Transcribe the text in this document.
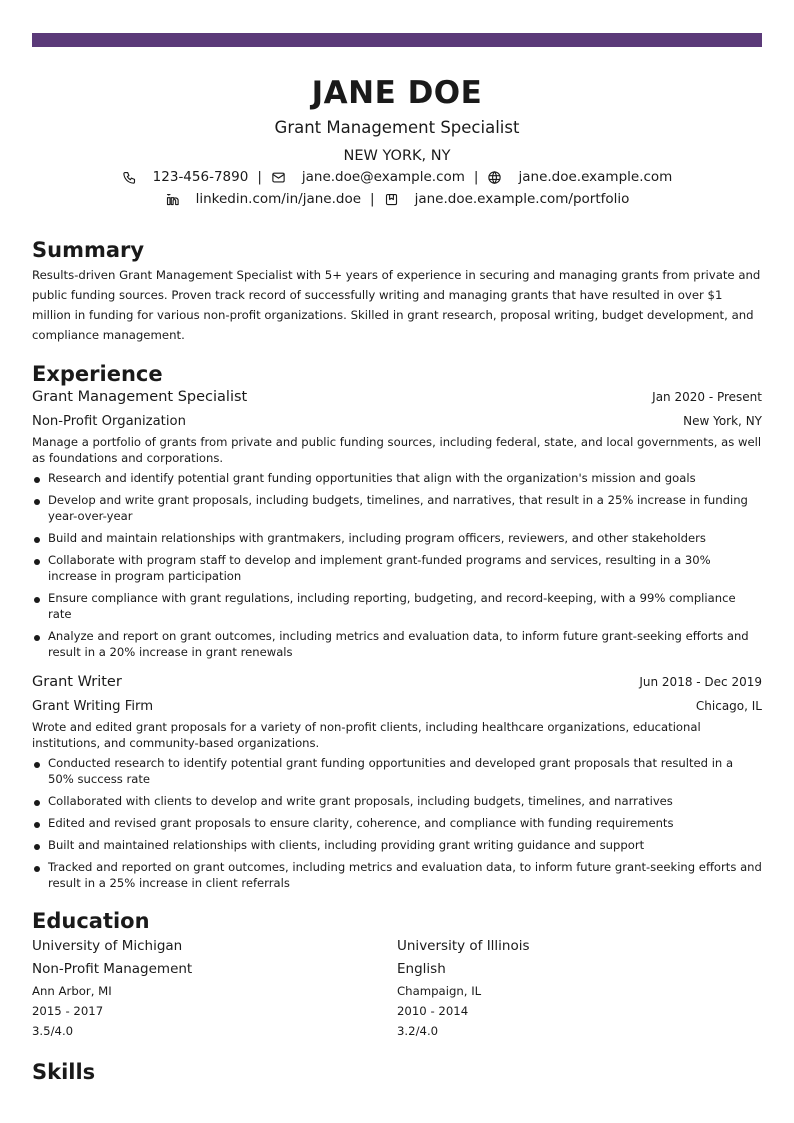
JANE DOE
Grant Management Specialist
NEW YORK, NY
123-456-7890 |	jane.doe@example.com |	jane.doe.example.com
linkedin.com/in/jane.doe |	jane.doe.example.com/portfolio
Summary

Results-driven Grant Management Specialist with 5+ years of experience in securing and managing grants from private and public funding sources. Proven track record of successfully writing and managing grants that have resulted in over $1 million in funding for various non-profit organizations. Skilled in grant research, proposal writing, budget development, and compliance management.

Experience
Grant Management Specialist	Jan 2020 - Present
Non-Profit Organization	New York, NY

Manage a portfolio of grants from private and public funding sources, including federal, state, and local governments, as well as foundations and corporations.

Research and identify potential grant funding opportunities that align with the organization's mission and goals
Develop and write grant proposals, including budgets, timelines, and narratives, that result in a 25% increase in funding year-over-year
Build and maintain relationships with grantmakers, including program officers, reviewers, and other stakeholders
Collaborate with program staff to develop and implement grant-funded programs and services, resulting in a 30% increase in program participation
Ensure compliance with grant regulations, including reporting, budgeting, and record-keeping, with a 99% compliance rate
Analyze and report on grant outcomes, including metrics and evaluation data, to inform future grant-seeking efforts and result in a 20% increase in grant renewals
Grant Writer	Jun 2018 - Dec 2019
Grant Writing Firm	Chicago, IL

Wrote and edited grant proposals for a variety of non-profit clients, including healthcare organizations, educational institutions, and community-based organizations.

Conducted research to identify potential grant funding opportunities and developed grant proposals that resulted in a 50% success rate
Collaborated with clients to develop and write grant proposals, including budgets, timelines, and narratives
Edited and revised grant proposals to ensure clarity, coherence, and compliance with funding requirements
Built and maintained relationships with clients, including providing grant writing guidance and support
Tracked and reported on grant outcomes, including metrics and evaluation data, to inform future grant-seeking efforts and result in a 25% increase in client referrals
Education
University of Michigan
Non-Profit Management
Ann Arbor, MI
2015 - 2017
3.5/4.0
University of Illinois
English
Champaign, IL
2010 - 2014
3.2/4.0
Skills
